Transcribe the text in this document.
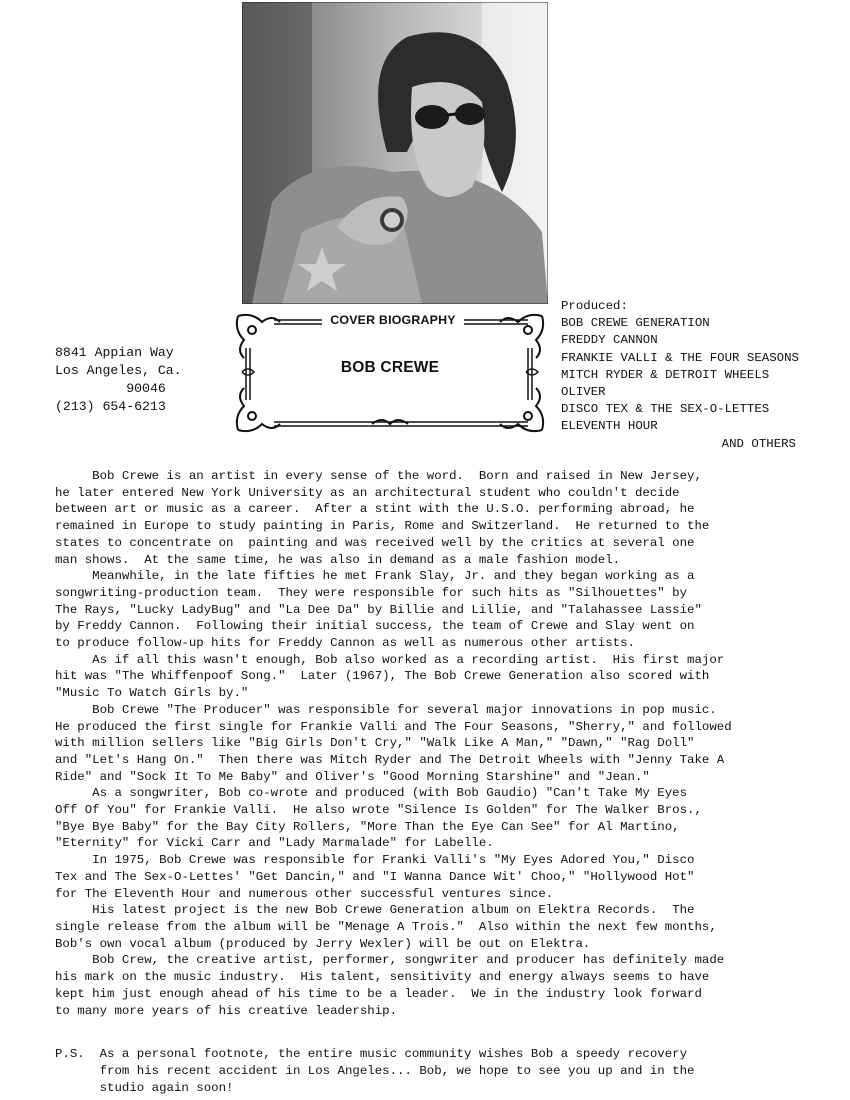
8841 Appian Way
Los Angeles, Ca.
90046
(213) 654-6213
COVER BIOGRAPHY
BOB CREWE
Produced:
BOB CREWE GENERATION
FREDDY CANNON
FRANKIE VALLI & THE FOUR SEASONS
MITCH RYDER & DETROIT WHEELS
OLIVER
DISCO TEX & THE SEX-O-LETTES
ELEVENTH HOUR
AND OTHERS
Bob Crewe is an artist in every sense of the word.  Born and raised in New Jersey,
he later entered New York University as an architectural student who couldn't decide
between art or music as a career.  After a stint with the U.S.O. performing abroad, he
remained in Europe to study painting in Paris, Rome and Switzerland.  He returned to the
states to concentrate on  painting and was received well by the critics at several one
man shows.  At the same time, he was also in demand as a male fashion model.
Meanwhile, in the late fifties he met Frank Slay, Jr. and they began working as a
songwriting-production team.  They were responsible for such hits as "Silhouettes" by
The Rays, "Lucky LadyBug" and "La Dee Da" by Billie and Lillie, and "Talahassee Lassie"
by Freddy Cannon.  Following their initial success, the team of Crewe and Slay went on
to produce follow-up hits for Freddy Cannon as well as numerous other artists.
As if all this wasn't enough, Bob also worked as a recording artist.  His first major
hit was "The Whiffenpoof Song."  Later (1967), The Bob Crewe Generation also scored with
"Music To Watch Girls by."
Bob Crewe "The Producer" was responsible for several major innovations in pop music.
He produced the first single for Frankie Valli and The Four Seasons, "Sherry," and followed
with million sellers like "Big Girls Don't Cry," "Walk Like A Man," "Dawn," "Rag Doll"
and "Let's Hang On."  Then there was Mitch Ryder and The Detroit Wheels with "Jenny Take A
Ride" and "Sock It To Me Baby" and Oliver's "Good Morning Starshine" and "Jean."
As a songwriter, Bob co-wrote and produced (with Bob Gaudio) "Can't Take My Eyes
Off Of You" for Frankie Valli.  He also wrote "Silence Is Golden" for The Walker Bros.,
"Bye Bye Baby" for the Bay City Rollers, "More Than the Eye Can See" for Al Martino,
"Eternity" for Vicki Carr and "Lady Marmalade" for Labelle.
In 1975, Bob Crewe was responsible for Franki Valli's "My Eyes Adored You," Disco
Tex and The Sex-O-Lettes' "Get Dancin," and "I Wanna Dance Wit' Choo," "Hollywood Hot"
for The Eleventh Hour and numerous other successful ventures since.
His latest project is the new Bob Crewe Generation album on Elektra Records.  The
single release from the album will be "Menage A Trois."  Also within the next few months,
Bob's own vocal album (produced by Jerry Wexler) will be out on Elektra.
Bob Crew, the creative artist, performer, songwriter and producer has definitely made
his mark on the music industry.  His talent, sensitivity and energy always seems to have
kept him just enough ahead of his time to be a leader.  We in the industry look forward
to many more years of his creative leadership.
P.S.  As a personal footnote, the entire music community wishes Bob a speedy recovery
from his recent accident in Los Angeles... Bob, we hope to see you up and in the
studio again soon!
